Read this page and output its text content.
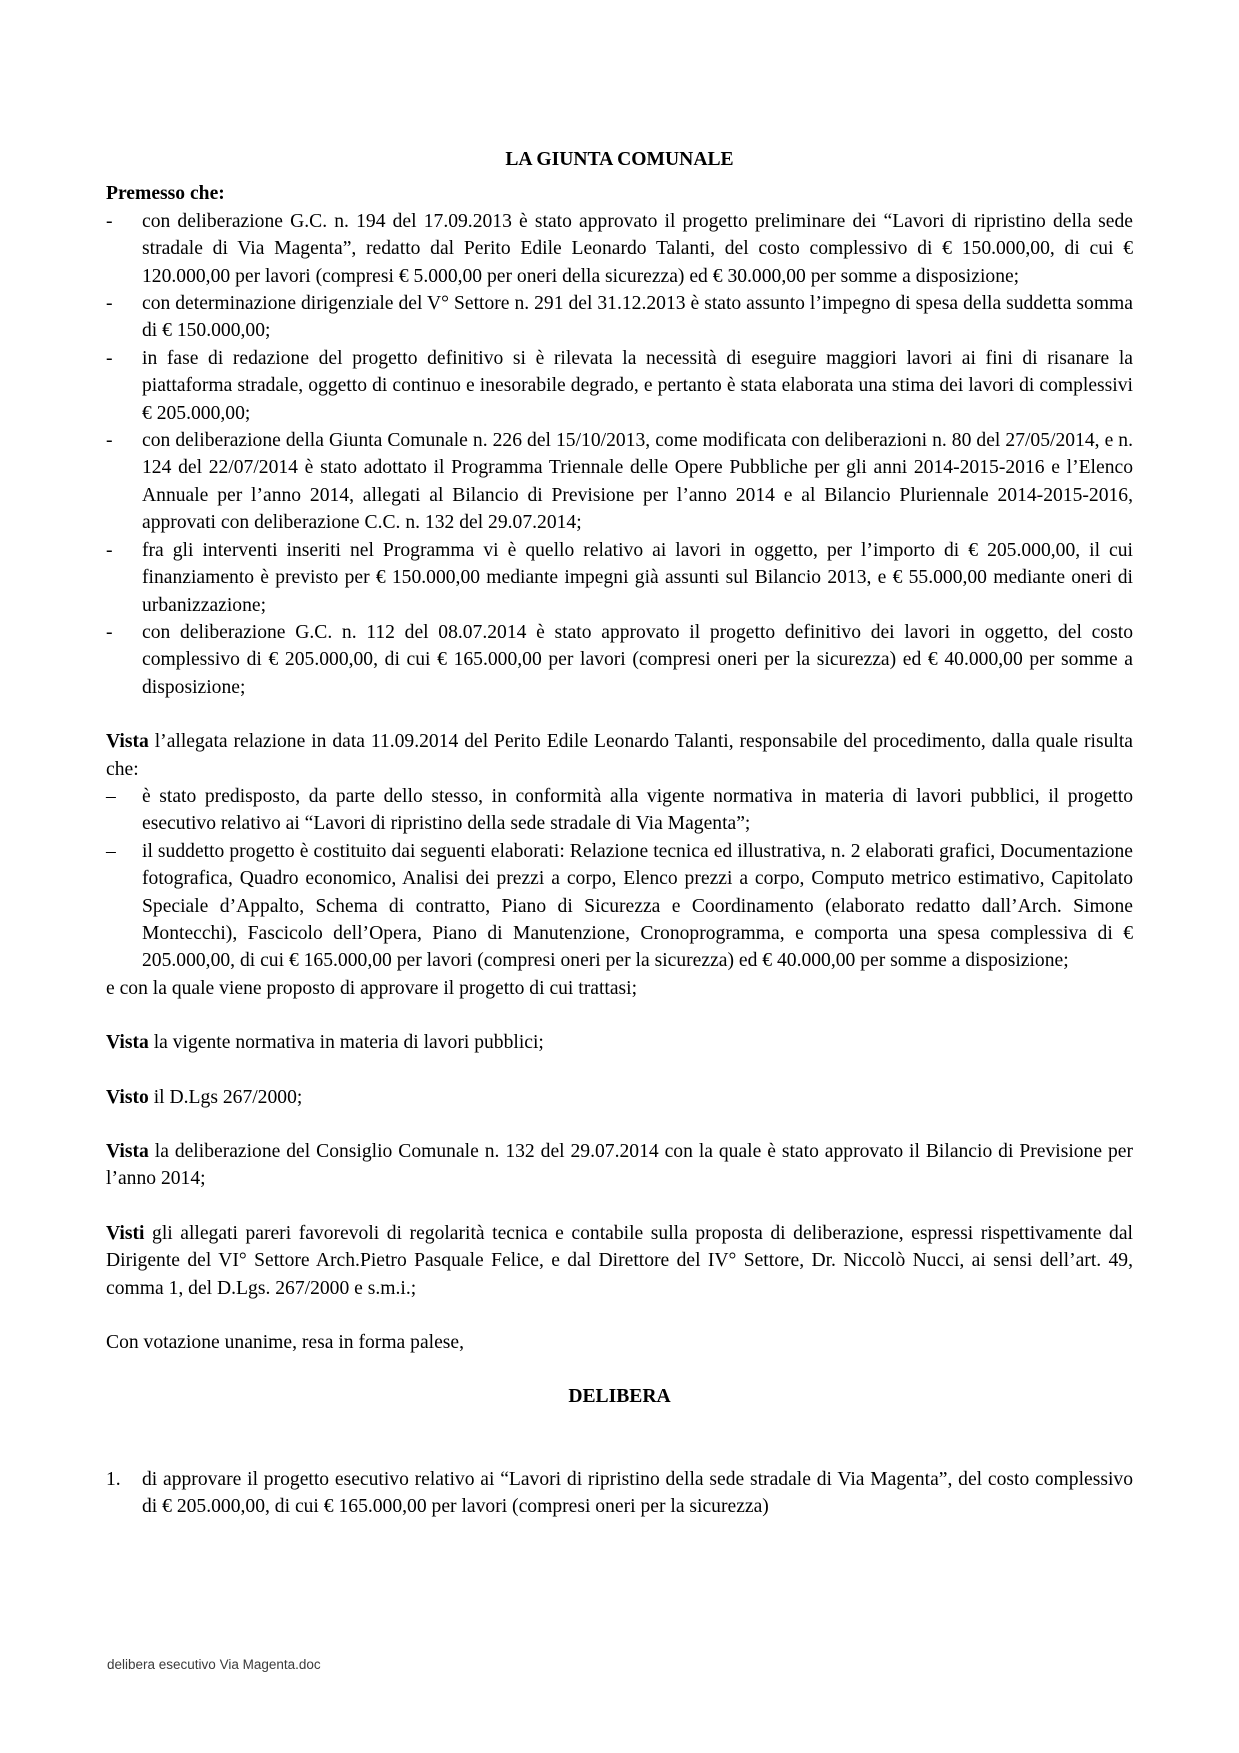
LA GIUNTA COMUNALE
Premesso che:
-	con deliberazione G.C. n. 194 del 17.09.2013 è stato approvato il progetto preliminare dei “Lavori di ripristino della sede stradale di Via Magenta”, redatto dal Perito Edile Leonardo Talanti, del costo complessivo di € 150.000,00, di cui € 120.000,00 per lavori (compresi € 5.000,00 per oneri della sicurezza) ed € 30.000,00 per somme a disposizione;
-	con determinazione dirigenziale del V° Settore n. 291 del 31.12.2013 è stato assunto l’impegno di spesa della suddetta somma di € 150.000,00;
-	in fase di redazione del progetto definitivo si è rilevata la necessità di eseguire maggiori lavori ai fini di risanare la piattaforma stradale, oggetto di continuo e inesorabile degrado, e pertanto è stata elaborata una stima dei lavori di complessivi € 205.000,00;
-	con deliberazione della Giunta Comunale n. 226 del 15/10/2013, come modificata con deliberazioni n. 80 del 27/05/2014, e n. 124 del 22/07/2014 è stato adottato il Programma Triennale delle Opere Pubbliche per gli anni 2014-2015-2016 e l’Elenco Annuale per l’anno 2014, allegati al Bilancio di Previsione per l’anno 2014 e al Bilancio Pluriennale 2014-2015-2016, approvati con deliberazione C.C. n. 132 del 29.07.2014;
-	fra gli interventi inseriti nel Programma vi è quello relativo ai lavori in oggetto, per l’importo di € 205.000,00, il cui finanziamento è previsto per € 150.000,00 mediante impegni già assunti sul Bilancio 2013, e € 55.000,00 mediante oneri di urbanizzazione;
-	con deliberazione G.C. n. 112 del 08.07.2014 è stato approvato il progetto definitivo dei lavori in oggetto, del costo complessivo di € 205.000,00, di cui € 165.000,00 per lavori (compresi oneri per la sicurezza) ed € 40.000,00 per somme a disposizione;

Vista l’allegata relazione in data 11.09.2014 del Perito Edile Leonardo Talanti, responsabile del procedimento, dalla quale risulta che:

–	è stato predisposto, da parte dello stesso, in conformità alla vigente normativa in materia di lavori pubblici, il progetto esecutivo relativo ai “Lavori di ripristino della sede stradale di Via Magenta”;
–	il suddetto progetto è costituito dai seguenti elaborati: Relazione tecnica ed illustrativa, n. 2 elaborati grafici, Documentazione fotografica, Quadro economico, Analisi dei prezzi a corpo, Elenco prezzi a corpo, Computo metrico estimativo, Capitolato Speciale d’Appalto, Schema di contratto, Piano di Sicurezza e Coordinamento (elaborato redatto dall’Arch. Simone Montecchi), Fascicolo dell’Opera, Piano di Manutenzione, Cronoprogramma, e comporta una spesa complessiva di € 205.000,00, di cui € 165.000,00 per lavori (compresi oneri per la sicurezza) ed € 40.000,00 per somme a disposizione;
e con la quale viene proposto di approvare il progetto di cui trattasi;

Vista la vigente normativa in materia di lavori pubblici;

Visto il D.Lgs 267/2000;

Vista la deliberazione del Consiglio Comunale n. 132 del 29.07.2014 con la quale è stato approvato il Bilancio di Previsione per l’anno 2014;

Visti gli allegati pareri favorevoli di regolarità tecnica e contabile sulla proposta di deliberazione, espressi rispettivamente dal Dirigente del VI° Settore Arch.Pietro Pasquale Felice, e dal Direttore del IV° Settore, Dr. Niccolò Nucci, ai sensi dell’art. 49, comma 1, del D.Lgs. 267/2000 e s.m.i.;

Con votazione unanime, resa in forma palese,

DELIBERA
1.	di approvare il progetto esecutivo relativo ai “Lavori di ripristino della sede stradale di Via Magenta”, del costo complessivo di € 205.000,00, di cui € 165.000,00 per lavori (compresi oneri per la sicurezza)
delibera esecutivo Via Magenta.doc
